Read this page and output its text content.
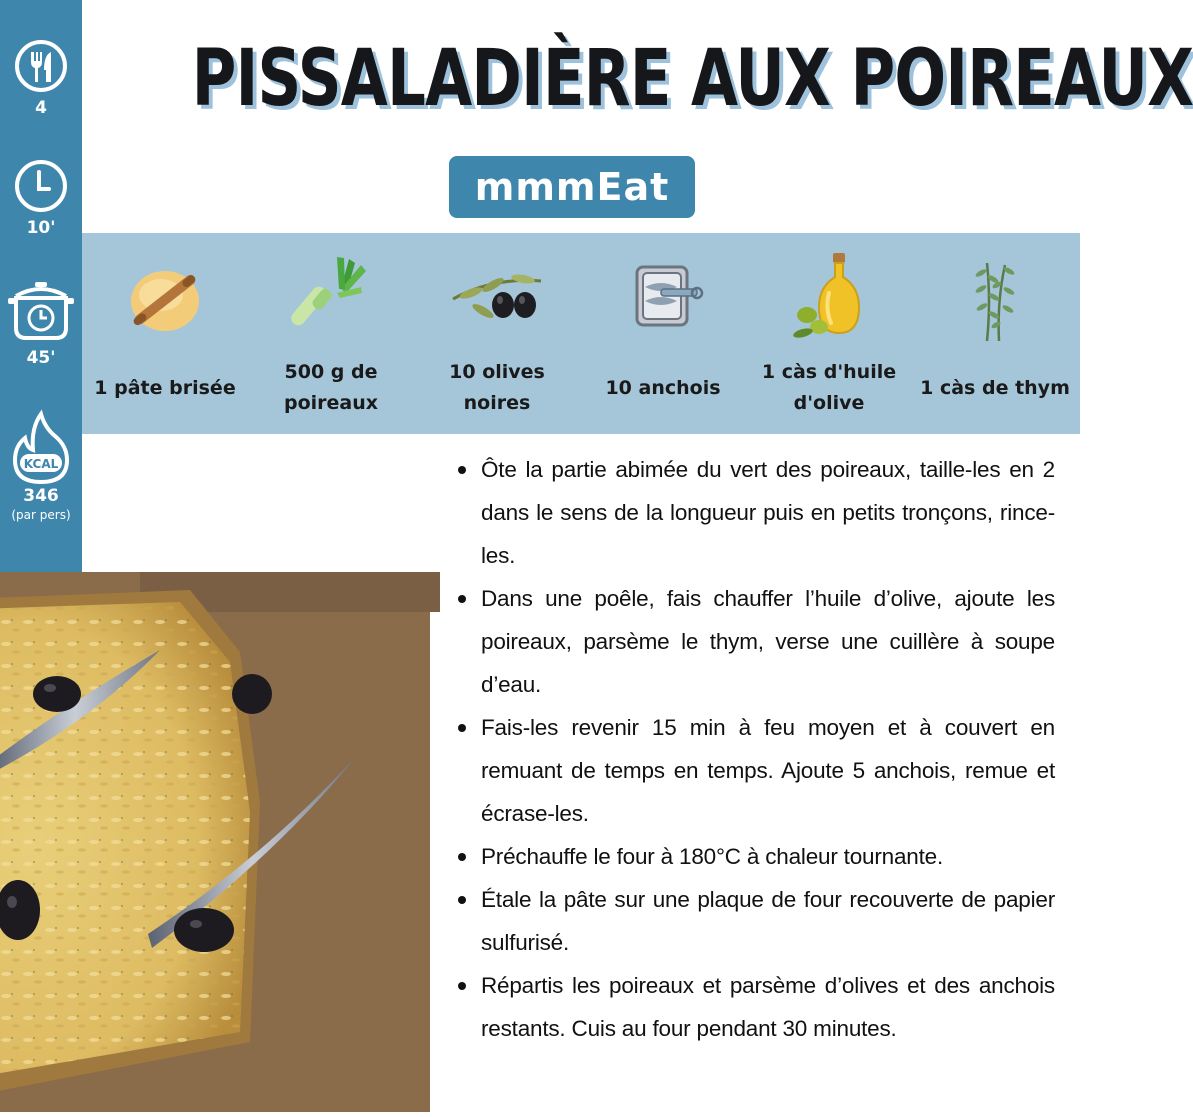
4
10'
45'
KCAL
346
(par pers)
PISSALADIÈRE AUX POIREAUX
mmmEat
1 pâte brisée
500 g de poireaux
10 olives noires
10 anchois
1 càs d'huile d'olive
1 càs de thym
Ôte la partie abimée du vert des poireaux, taille-les en 2 dans le sens de la longueur puis en petits tronçons, rince-les.
Dans une poêle, fais chauffer l’huile d’olive, ajoute les poireaux, parsème le thym, verse une cuillère à soupe d’eau.
Fais-les revenir 15 min à feu moyen et à couvert en remuant de temps en temps. Ajoute 5 anchois, remue et écrase-les.
Préchauffe le four à 180°C à chaleur tournante.
Étale la pâte sur une plaque de four recouverte de papier sulfurisé.
Répartis les poireaux et parsème d’olives et des anchois restants. Cuis au four pendant 30 minutes.
